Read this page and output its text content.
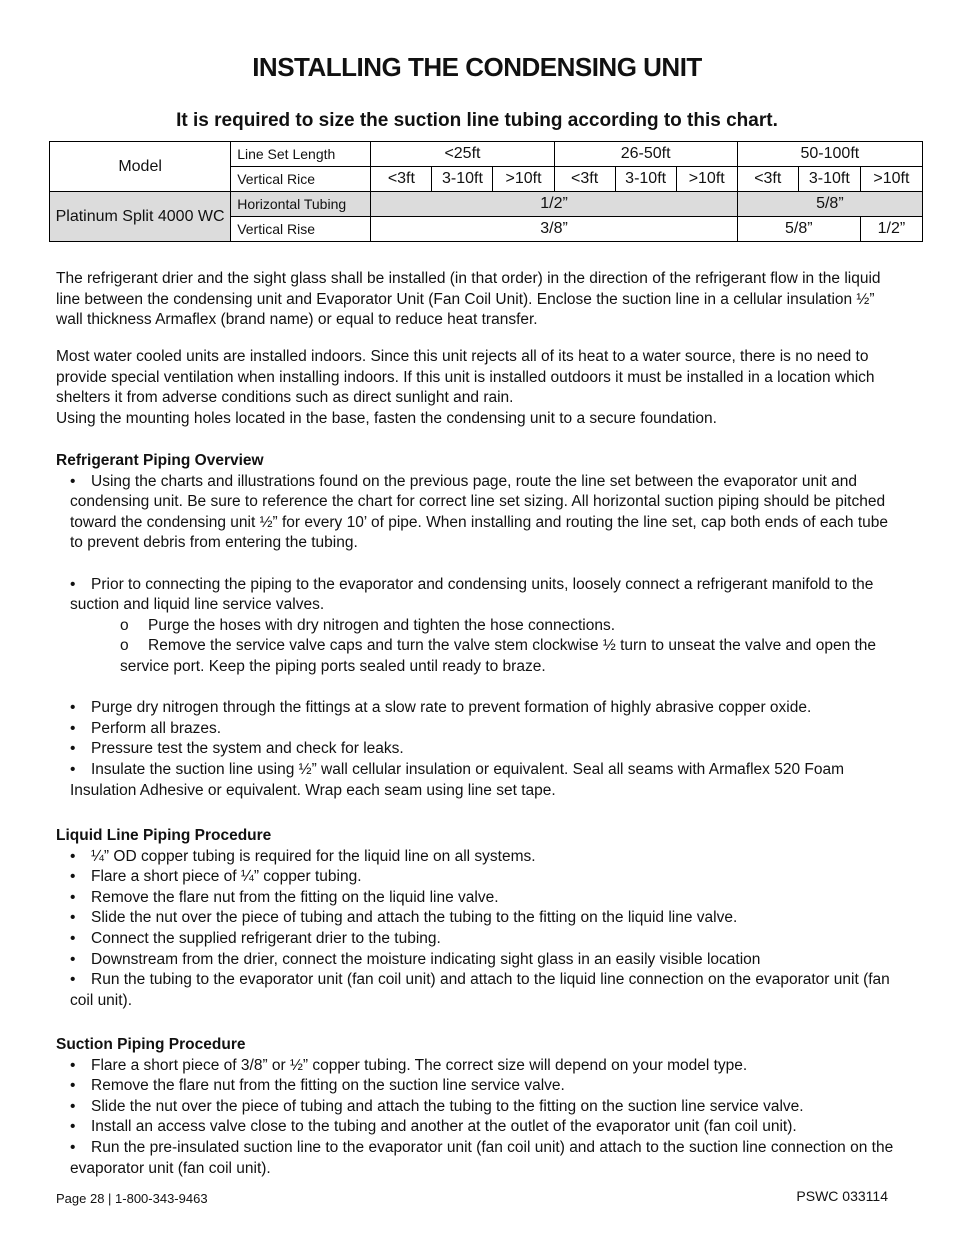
INSTALLING THE CONDENSING UNIT
It is required to size the suction line tubing according to this chart.
Model	Line Set Length	<25ft			26-50ft			50-100ft		
	Vertical Rice	<3ft	3-10ft	>10ft	<3ft	3-10ft	>10ft	<3ft	3-10ft	>10ft
Platinum Split 4000 WC	Horizontal Tubing	1/2”						5/8”		
	Vertical Rise	3/8”						5/8”		1/2”

The refrigerant drier and the sight glass shall be installed (in that order) in the direction of the refrigerant flow in the liquid line between the condensing unit and Evaporator Unit (Fan Coil Unit). Enclose the suction line in a cellular insulation ½” wall thickness Armaflex (brand name) or equal to reduce heat transfer.

Most water cooled units are installed indoors. Since this unit rejects all of its heat to a water source, there is no need to provide special ventilation when installing indoors. If this unit is installed outdoors it must be installed in a location which shelters it from adverse conditions such as direct sunlight and rain.

Using the mounting holes located in the base, fasten the condensing unit to a secure foundation.

Refrigerant Piping Overview

• Using the charts and illustrations found on the previous page, route the line set between the evaporator unit and condensing unit. Be sure to reference the chart for correct line set sizing. All horizontal suction piping should be pitched toward the condensing unit ½” for every 10’ of pipe. When installing and routing the line set, cap both ends of each tube to prevent debris from entering the tubing.

• Prior to connecting the piping to the evaporator and condensing units, loosely connect a refrigerant manifold to the suction and liquid line service valves.

o Purge the hoses with dry nitrogen and tighten the hose connections.

o Remove the service valve caps and turn the valve stem clockwise ½ turn to unseat the valve and open the service port. Keep the piping ports sealed until ready to braze.

• Purge dry nitrogen through the fittings at a slow rate to prevent formation of highly abrasive copper oxide.

• Perform all brazes.

• Pressure test the system and check for leaks.

• Insulate the suction line using ½” wall cellular insulation or equivalent. Seal all seams with Armaflex 520 Foam Insulation Adhesive or equivalent. Wrap each seam using line set tape.

Liquid Line Piping Procedure

• ¼” OD copper tubing is required for the liquid line on all systems.

• Flare a short piece of ¼” copper tubing.

• Remove the flare nut from the fitting on the liquid line valve.

• Slide the nut over the piece of tubing and attach the tubing to the fitting on the liquid line valve.

• Connect the supplied refrigerant drier to the tubing.

• Downstream from the drier, connect the moisture indicating sight glass in an easily visible location

• Run the tubing to the evaporator unit (fan coil unit) and attach to the liquid line connection on the evaporator unit (fan coil unit).

Suction Piping Procedure

• Flare a short piece of 3/8” or ½” copper tubing. The correct size will depend on your model type.

• Remove the flare nut from the fitting on the suction line service valve.

• Slide the nut over the piece of tubing and attach the tubing to the fitting on the suction line service valve.

• Install an access valve close to the tubing and another at the outlet of the evaporator unit (fan coil unit).

• Run the pre-insulated suction line to the evaporator unit (fan coil unit) and attach to the suction line connection on the evaporator unit (fan coil unit).

Page 28 | 1-800-343-9463	PSWC 033114
